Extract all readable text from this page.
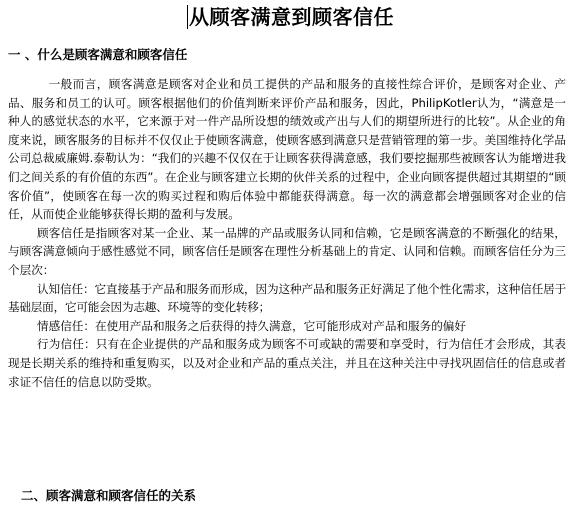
从顾客满意到顾客信任
一 、什么是顾客满意和顾客信任

一般而言，顾客满意是顾客对企业和员工提供的产品和服务的直接性综合评价，是顾客对企业、产品、服务和员工的认可。顾客根据他们的价值判断来评价产品和服务，因此，PhilipKotler认为，“满意是一种人的感觉状态的水平，它来源于对一件产品所设想的绩效或产出与人们的期望所进行的比较”。从企业的角度来说，顾客服务的目标并不仅仅止于使顾客满意，使顾客感到满意只是营销管理的第一步。美国维持化学品公司总裁威廉姆.泰勒认为：“我们的兴趣不仅仅在于让顾客获得满意感，我们要挖掘那些被顾客认为能增进我们之间关系的有价值的东西”。在企业与顾客建立长期的伙伴关系的过程中，企业向顾客提供超过其期望的“顾客价值”，使顾客在每一次的购买过程和购后体验中都能获得满意。每一次的满意都会增强顾客对企业的信任，从而使企业能够获得长期的盈利与发展。

顾客信任是指顾客对某一企业、某一品牌的产品或服务认同和信赖，它是顾客满意的不断强化的结果，与顾客满意倾向于感性感觉不同，顾客信任是顾客在理性分析基础上的肯定、认同和信赖。而顾客信任分为三个层次：

认知信任：它直接基于产品和服务而形成，因为这种产品和服务正好满足了他个性化需求，这种信任居于基础层面，它可能会因为志趣、环境等的变化转移；

情感信任：在使用产品和服务之后获得的持久满意，它可能形成对产品和服务的偏好

行为信任：只有在企业提供的产品和服务成为顾客不可或缺的需要和享受时，行为信任才会形成，其表现是长期关系的维持和重复购买，以及对企业和产品的重点关注，并且在这种关注中寻找巩固信任的信息或者求证不信任的信息以防受欺。

二、顾客满意和顾客信任的关系
